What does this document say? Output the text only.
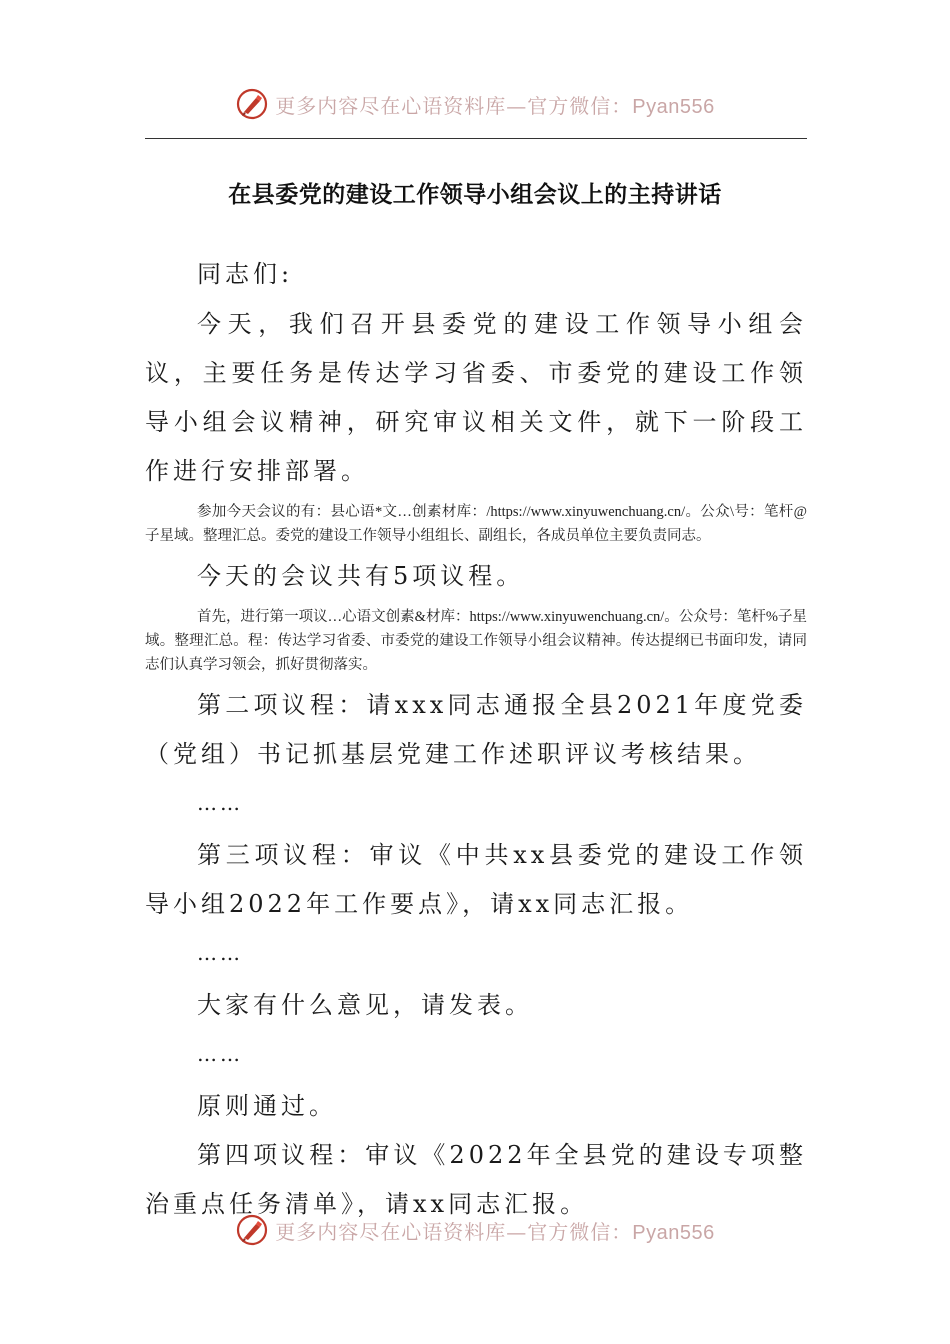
更多内容尽在心语资料库—官方微信：Pyan556
在县委党的建设工作领导小组会议上的主持讲话

同志们:

今天，我们召开县委党的建设工作领导小组会议，主要任务是传达学习省委、市委党的建设工作领导小组会议精神，研究审议相关文件，就下一阶段工作进行安排部署。

参加今天会议的有：县心语*文…创素材库：/https://www.xinyuwenchuang.cn/。公众\号：笔杆@子星域。整理汇总。委党的建设工作领导小组组长、副组长，各成员单位主要负责同志。

今天的会议共有5项议程。

首先，进行第一项议…心语文创素&材库：https://www.xinyuwenchuang.cn/。公众号：笔杆%子星域。整理汇总。程：传达学习省委、市委党的建设工作领导小组会议精神。传达提纲已书面印发，请同志们认真学习领会，抓好贯彻落实。

第二项议程：请xxx同志通报全县2021年度党委（党组）书记抓基层党建工作述职评议考核结果。

……

第三项议程：审议《中共xx县委党的建设工作领导小组2022年工作要点》，请xx同志汇报。

……

大家有什么意见，请发表。

……

原则通过。

第四项议程：审议《2022年全县党的建设专项整治重点任务清单》，请xx同志汇报。

更多内容尽在心语资料库—官方微信：Pyan556
